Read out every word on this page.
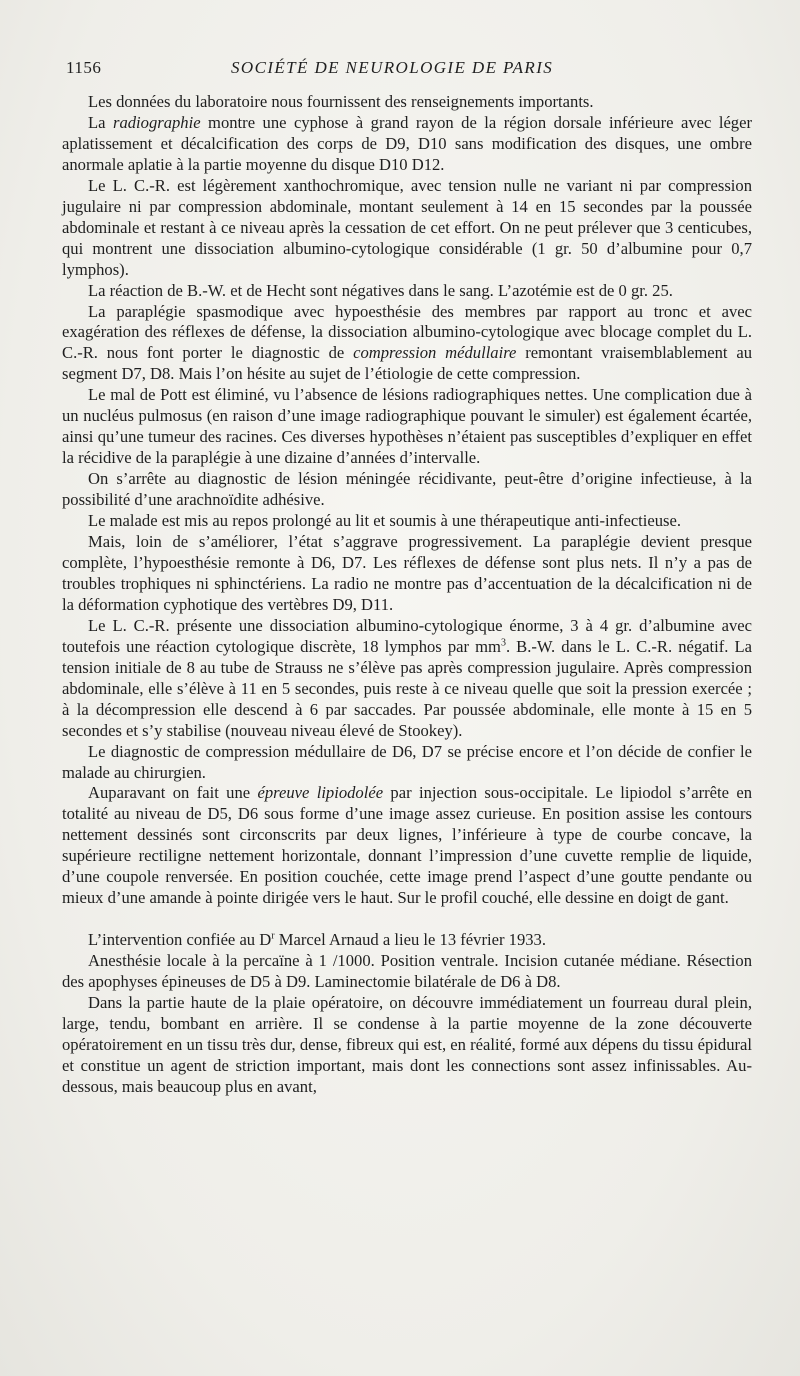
1156	SOCIÉTÉ DE NEUROLOGIE DE PARIS

Les données du laboratoire nous fournissent des renseignements importants.

La radiographie montre une cyphose à grand rayon de la région dorsale inférieure avec léger aplatissement et décalcification des corps de D9, D10 sans modification des disques, une ombre anormale aplatie à la partie moyenne du disque D10 D12.

Le L. C.-R. est légèrement xanthochromique, avec tension nulle ne variant ni par compression jugulaire ni par compression abdominale, montant seulement à 14 en 15 secondes par la poussée abdominale et restant à ce niveau après la cessation de cet effort. On ne peut prélever que 3 centicubes, qui montrent une dissociation albumino-cytologique considérable (1 gr. 50 d’albumine pour 0,7 lymphos).

La réaction de B.-W. et de Hecht sont négatives dans le sang. L’azotémie est de 0 gr. 25.

La paraplégie spasmodique avec hypoesthésie des membres par rapport au tronc et avec exagération des réflexes de défense, la dissociation albumino-cytologique avec blocage complet du L. C.-R. nous font porter le diagnostic de compression médullaire remontant vraisemblablement au segment D7, D8. Mais l’on hésite au sujet de l’étiologie de cette compression.

Le mal de Pott est éliminé, vu l’absence de lésions radiographiques nettes. Une complication due à un nucléus pulmosus (en raison d’une image radiographique pouvant le simuler) est également écartée, ainsi qu’une tumeur des racines. Ces diverses hypothèses n’étaient pas susceptibles d’expliquer en effet la récidive de la paraplégie à une dizaine d’années d’intervalle.

On s’arrête au diagnostic de lésion méningée récidivante, peut-être d’origine infectieuse, à la possibilité d’une arachnoïdite adhésive.

Le malade est mis au repos prolongé au lit et soumis à une thérapeutique anti-infectieuse.

Mais, loin de s’améliorer, l’état s’aggrave progressivement. La paraplégie devient presque complète, l’hypoesthésie remonte à D6, D7. Les réflexes de défense sont plus nets. Il n’y a pas de troubles trophiques ni sphinctériens. La radio ne montre pas d’accentuation de la décalcification ni de la déformation cyphotique des vertèbres D9, D11.

Le L. C.-R. présente une dissociation albumino-cytologique énorme, 3 à 4 gr. d’albumine avec toutefois une réaction cytologique discrète, 18 lymphos par $mm^3$. B.-W. dans le L. C.-R. négatif. La tension initiale de 8 au tube de Strauss ne s’élève pas après compression jugulaire. Après compression abdominale, elle s’élève à 11 en 5 secondes, puis reste à ce niveau quelle que soit la pression exercée ; à la décompression elle descend à 6 par saccades. Par poussée abdominale, elle monte à 15 en 5 secondes et s’y stabilise (nouveau niveau élevé de Stookey).

Le diagnostic de compression médullaire de D6, D7 se précise encore et l’on décide de confier le malade au chirurgien.

Auparavant on fait une épreuve lipiodolée par injection sous-occipitale. Le lipiodol s’arrête en totalité au niveau de D5, D6 sous forme d’une image assez curieuse. En position assise les contours nettement dessinés sont circonscrits par deux lignes, l’inférieure à type de courbe concave, la supérieure rectiligne nettement horizontale, donnant l’impression d’une cuvette remplie de liquide, d’une coupole renversée. En position couchée, cette image prend l’aspect d’une goutte pendante ou mieux d’une amande à pointe dirigée vers le haut. Sur le profil couché, elle dessine en doigt de gant.

L’intervention confiée au $D^r$ Marcel Arnaud a lieu le 13 février 1933.

Anesthésie locale à la percaïne à 1 /1000. Position ventrale. Incision cutanée médiane. Résection des apophyses épineuses de D5 à D9. Laminectomie bilatérale de D6 à D8.

Dans la partie haute de la plaie opératoire, on découvre immédiatement un fourreau dural plein, large, tendu, bombant en arrière. Il se condense à la partie moyenne de la zone découverte opératoirement en un tissu très dur, dense, fibreux qui est, en réalité, formé aux dépens du tissu épidural et constitue un agent de striction important, mais dont les connections sont assez infinissables. Au-dessous, mais beaucoup plus en avant,
